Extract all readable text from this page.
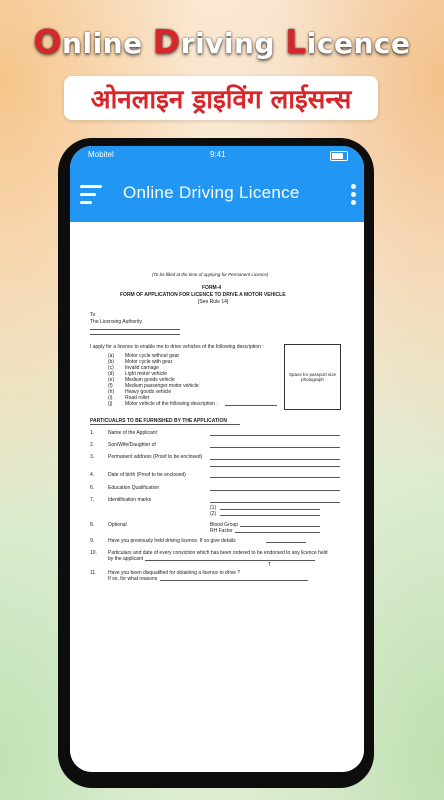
Online Driving Licence
ओनलाइन ड्राइविंग लाईसन्स
Mobitel	9:41
Online Driving Licence
(To be filled at the time of applying for Permanent Licence)
FORM-4
FORM OF APPLICATION FOR LICENCE TO DRIVE A MOTOR VEHICLE
[See Rule 14]
To
The Licensing Authority
I apply for a licence to enable me to drive vehicles of the following description :
Space for passport size photograph
(a) Motor cycle without gear
(b) Motor cycle with gear
(c) Invalid carriage
(d) Light motor vehicle
(e) Medium goods vehicle
(f) Medium passenger motor vehicle
(h) Heavy goods vehicle
(i)	Road roller
(j)	Motor vehicle of the following description :
PARTICUALRS TO BE FURNISHED BY THE APPLICATION
1.	Name of the Applicant
2.	Son/Wife/Daughter of
3.	Permanent address (Proof to be enclosed)
4.	Date of birth (Proof to be enclosed)
6.	Education Qualification
7.	Identification marks
(1)
(2)
8.	Optional	Blood Group
RH Factor
9.	Have you previously held driving licence. If so give details
10. Particulars and date of every conviction which has been ordered to be endorsed to any licence held
by the applicant
T
11. Have you been disqualified for obtaining a licence to drive ?
If so, for what reasons
